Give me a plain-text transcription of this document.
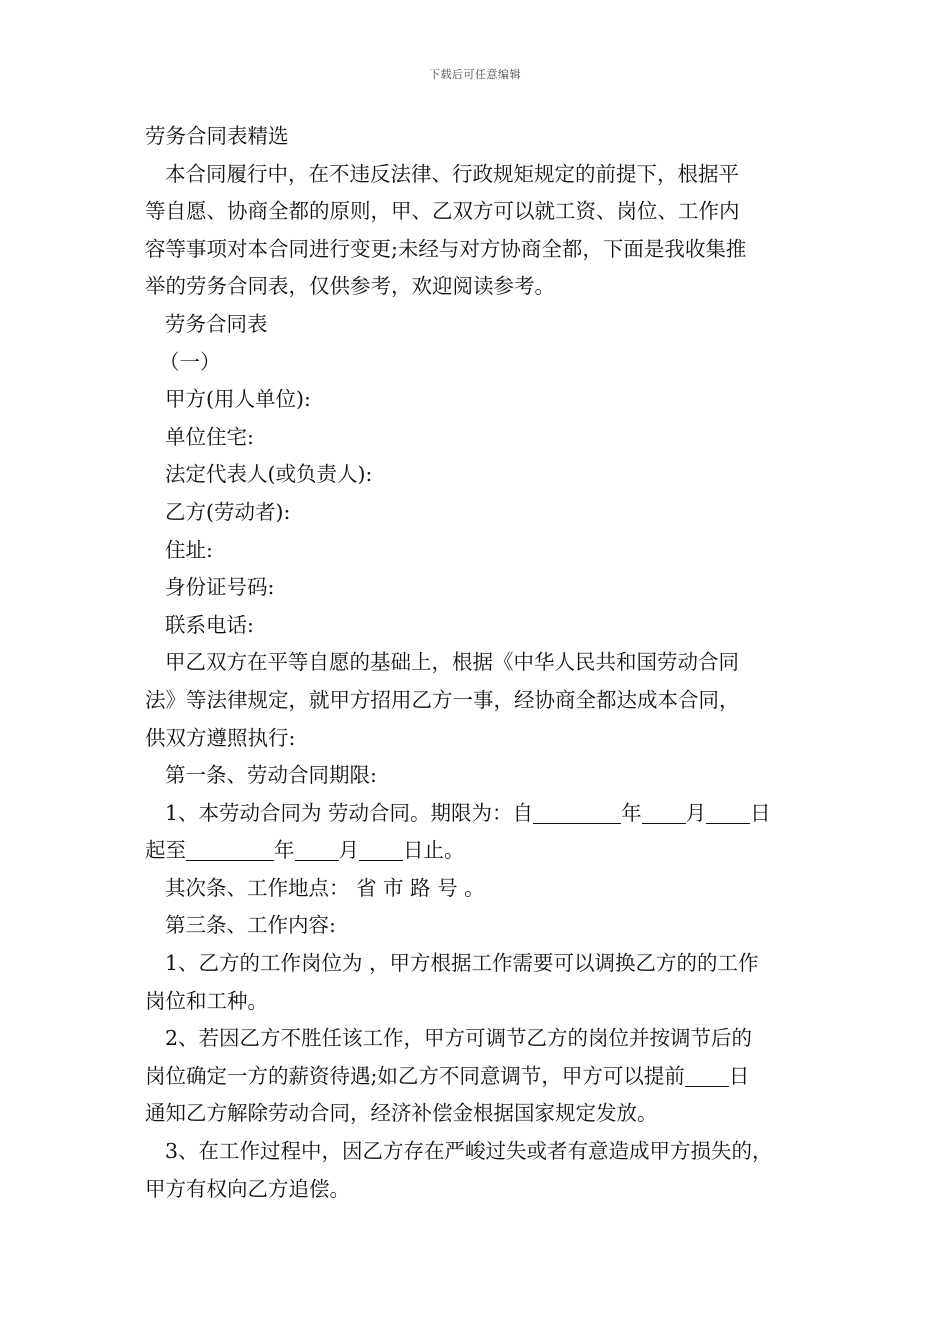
下载后可任意编辑
劳务合同表精选
本合同履行中，在不违反法律、行政规矩规定的前提下，根据平
等自愿、协商全都的原则，甲、乙双方可以就工资、岗位、工作内
容等事项对本合同进行变更;未经与对方协商全都，下面是我收集推
举的劳务合同表，仅供参考，欢迎阅读参考。
劳务合同表
（一）
甲方(用人单位):
单位住宅:
法定代表人(或负责人):
乙方(劳动者):
住址:
身份证号码:
联系电话:
甲乙双方在平等自愿的基础上，根据《中华人民共和国劳动合同
法》等法律规定，就甲方招用乙方一事，经协商全都达成本合同，
供双方遵照执行:
第一条、劳动合同期限:
1、本劳动合同为 劳动合同。期限为：自	年 月 日
起至	年 月 日止。
其次条、工作地点： 省 市 路 号 。
第三条、工作内容:
1、乙方的工作岗位为 ，甲方根据工作需要可以调换乙方的的工作
岗位和工种。
2、若因乙方不胜任该工作，甲方可调节乙方的岗位并按调节后的
岗位确定一方的薪资待遇;如乙方不同意调节，甲方可以提前 日
通知乙方解除劳动合同，经济补偿金根据国家规定发放。
3、在工作过程中，因乙方存在严峻过失或者有意造成甲方损失的，
甲方有权向乙方追偿。
